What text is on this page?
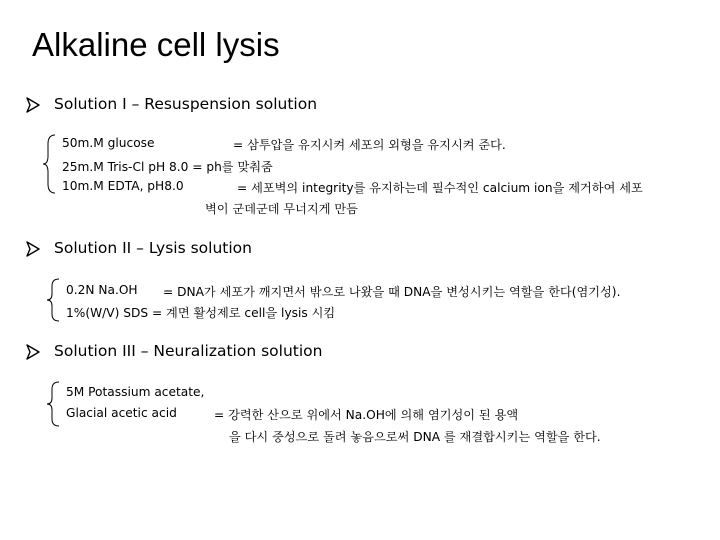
Alkaline cell lysis
Solution I – Resuspension solution
50m.M glucose	= 삼투압을 유지시켜 세포의 외형을 유지시켜 준다.
25m.M Tris-Cl pH 8.0 = ph를 맞춰줌
10m.M EDTA, pH8.0	= 세포벽의 integrity를 유지하는데 필수적인 calcium ion을 제거하여 세포
벽이 군데군데 무너지게 만듬
Solution II – Lysis solution
0.2N Na.OH = DNA가 세포가 깨지면서 밖으로 나왔을 때 DNA을 변성시키는 역할을 한다(염기성).
1%(W/V) SDS = 계면 활성제로 cell을 lysis 시킴
Solution III – Neuralization solution
5M Potassium acetate,
Glacial acetic acid	= 강력한 산으로 위에서 Na.OH에 의해 염기성이 된 용액
을 다시 중성으로 돌려 놓음으로써 DNA 를 재결합시키는 역할을 한다.
